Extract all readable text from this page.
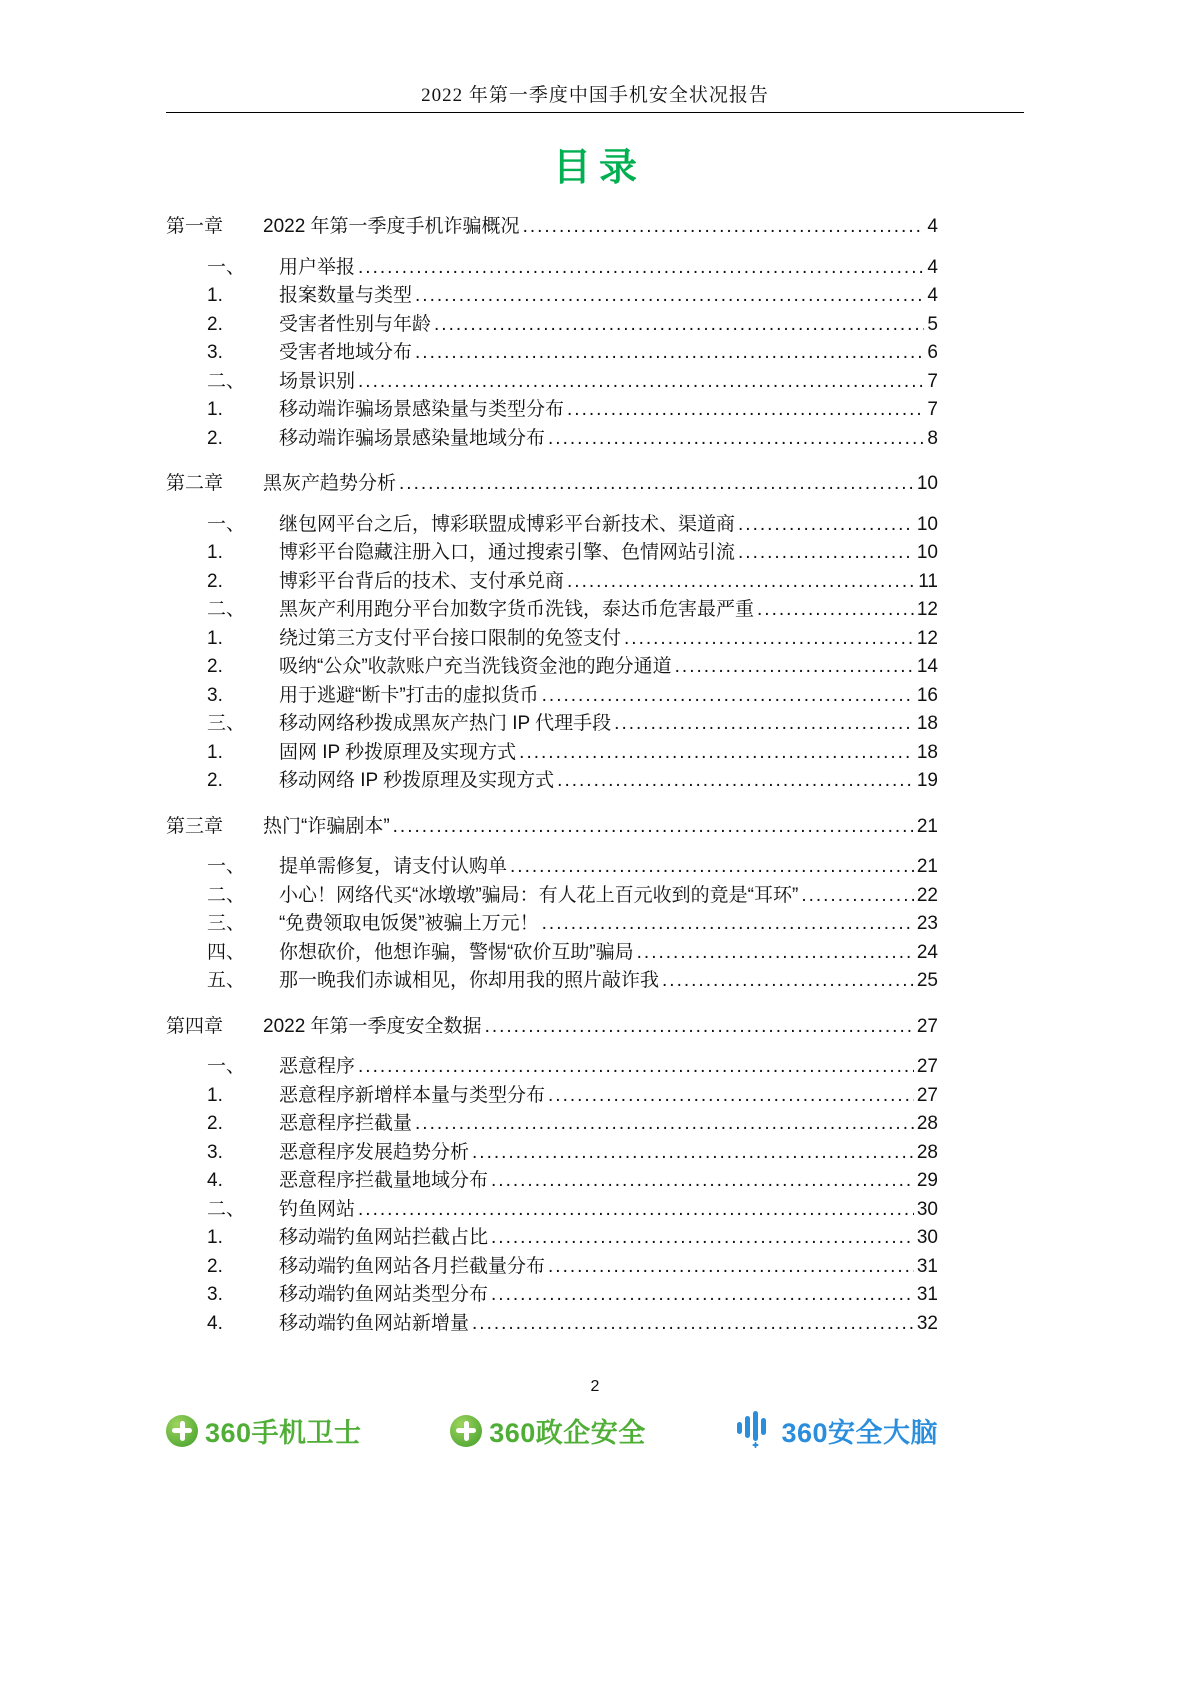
2022 年第一季度中国手机安全状况报告
目录
第一章	2022 年第一季度手机诈骗概况 .....	4
一、	用户举报 .....	4
1.	报案数量与类型 .....	4
2.	受害者性别与年龄 .....	5
3.	受害者地域分布 .....	6
二、	场景识别 .....	7
1.	移动端诈骗场景感染量与类型分布 .....	7
2.	移动端诈骗场景感染量地域分布 .....	8
第二章	黑灰产趋势分析 .....	10
一、	继包网平台之后，博彩联盟成博彩平台新技术、渠道商 .....	10
1.	博彩平台隐藏注册入口，通过搜索引擎、色情网站引流 .....	10
2.	博彩平台背后的技术、支付承兑商 .....	11
二、	黑灰产利用跑分平台加数字货币洗钱，泰达币危害最严重 .....	12
1.	绕过第三方支付平台接口限制的免签支付 .....	12
2.	吸纳“公众”收款账户充当洗钱资金池的跑分通道 .....	14
3.	用于逃避“断卡”打击的虚拟货币 .....	16
三、	移动网络秒拨成黑灰产热门 IP 代理手段 .....	18
1.	固网 IP 秒拨原理及实现方式 .....	18
2.	移动网络 IP 秒拨原理及实现方式 .....	19
第三章	热门“诈骗剧本” .....	21
一、	提单需修复，请支付认购单 .....	21
二、	小心！网络代买“冰墩墩”骗局：有人花上百元收到的竟是“耳环” .....	22
三、	“免费领取电饭煲”被骗上万元！ .....	23
四、	你想砍价，他想诈骗，警惕“砍价互助”骗局 .....	24
五、	那一晚我们赤诚相见，你却用我的照片敲诈我 .....	25
第四章	2022 年第一季度安全数据 .....	27
一、	恶意程序 .....	27
1.	恶意程序新增样本量与类型分布 .....	27
2.	恶意程序拦截量 .....	28
3.	恶意程序发展趋势分析 .....	28
4.	恶意程序拦截量地域分布 .....	29
二、	钓鱼网站 .....	30
1.	移动端钓鱼网站拦截占比 .....	30
2.	移动端钓鱼网站各月拦截量分布 .....	31
3.	移动端钓鱼网站类型分布 .....	31
4.	移动端钓鱼网站新增量 .....	32
2
360手机卫士	360政企安全	360安全大脑
